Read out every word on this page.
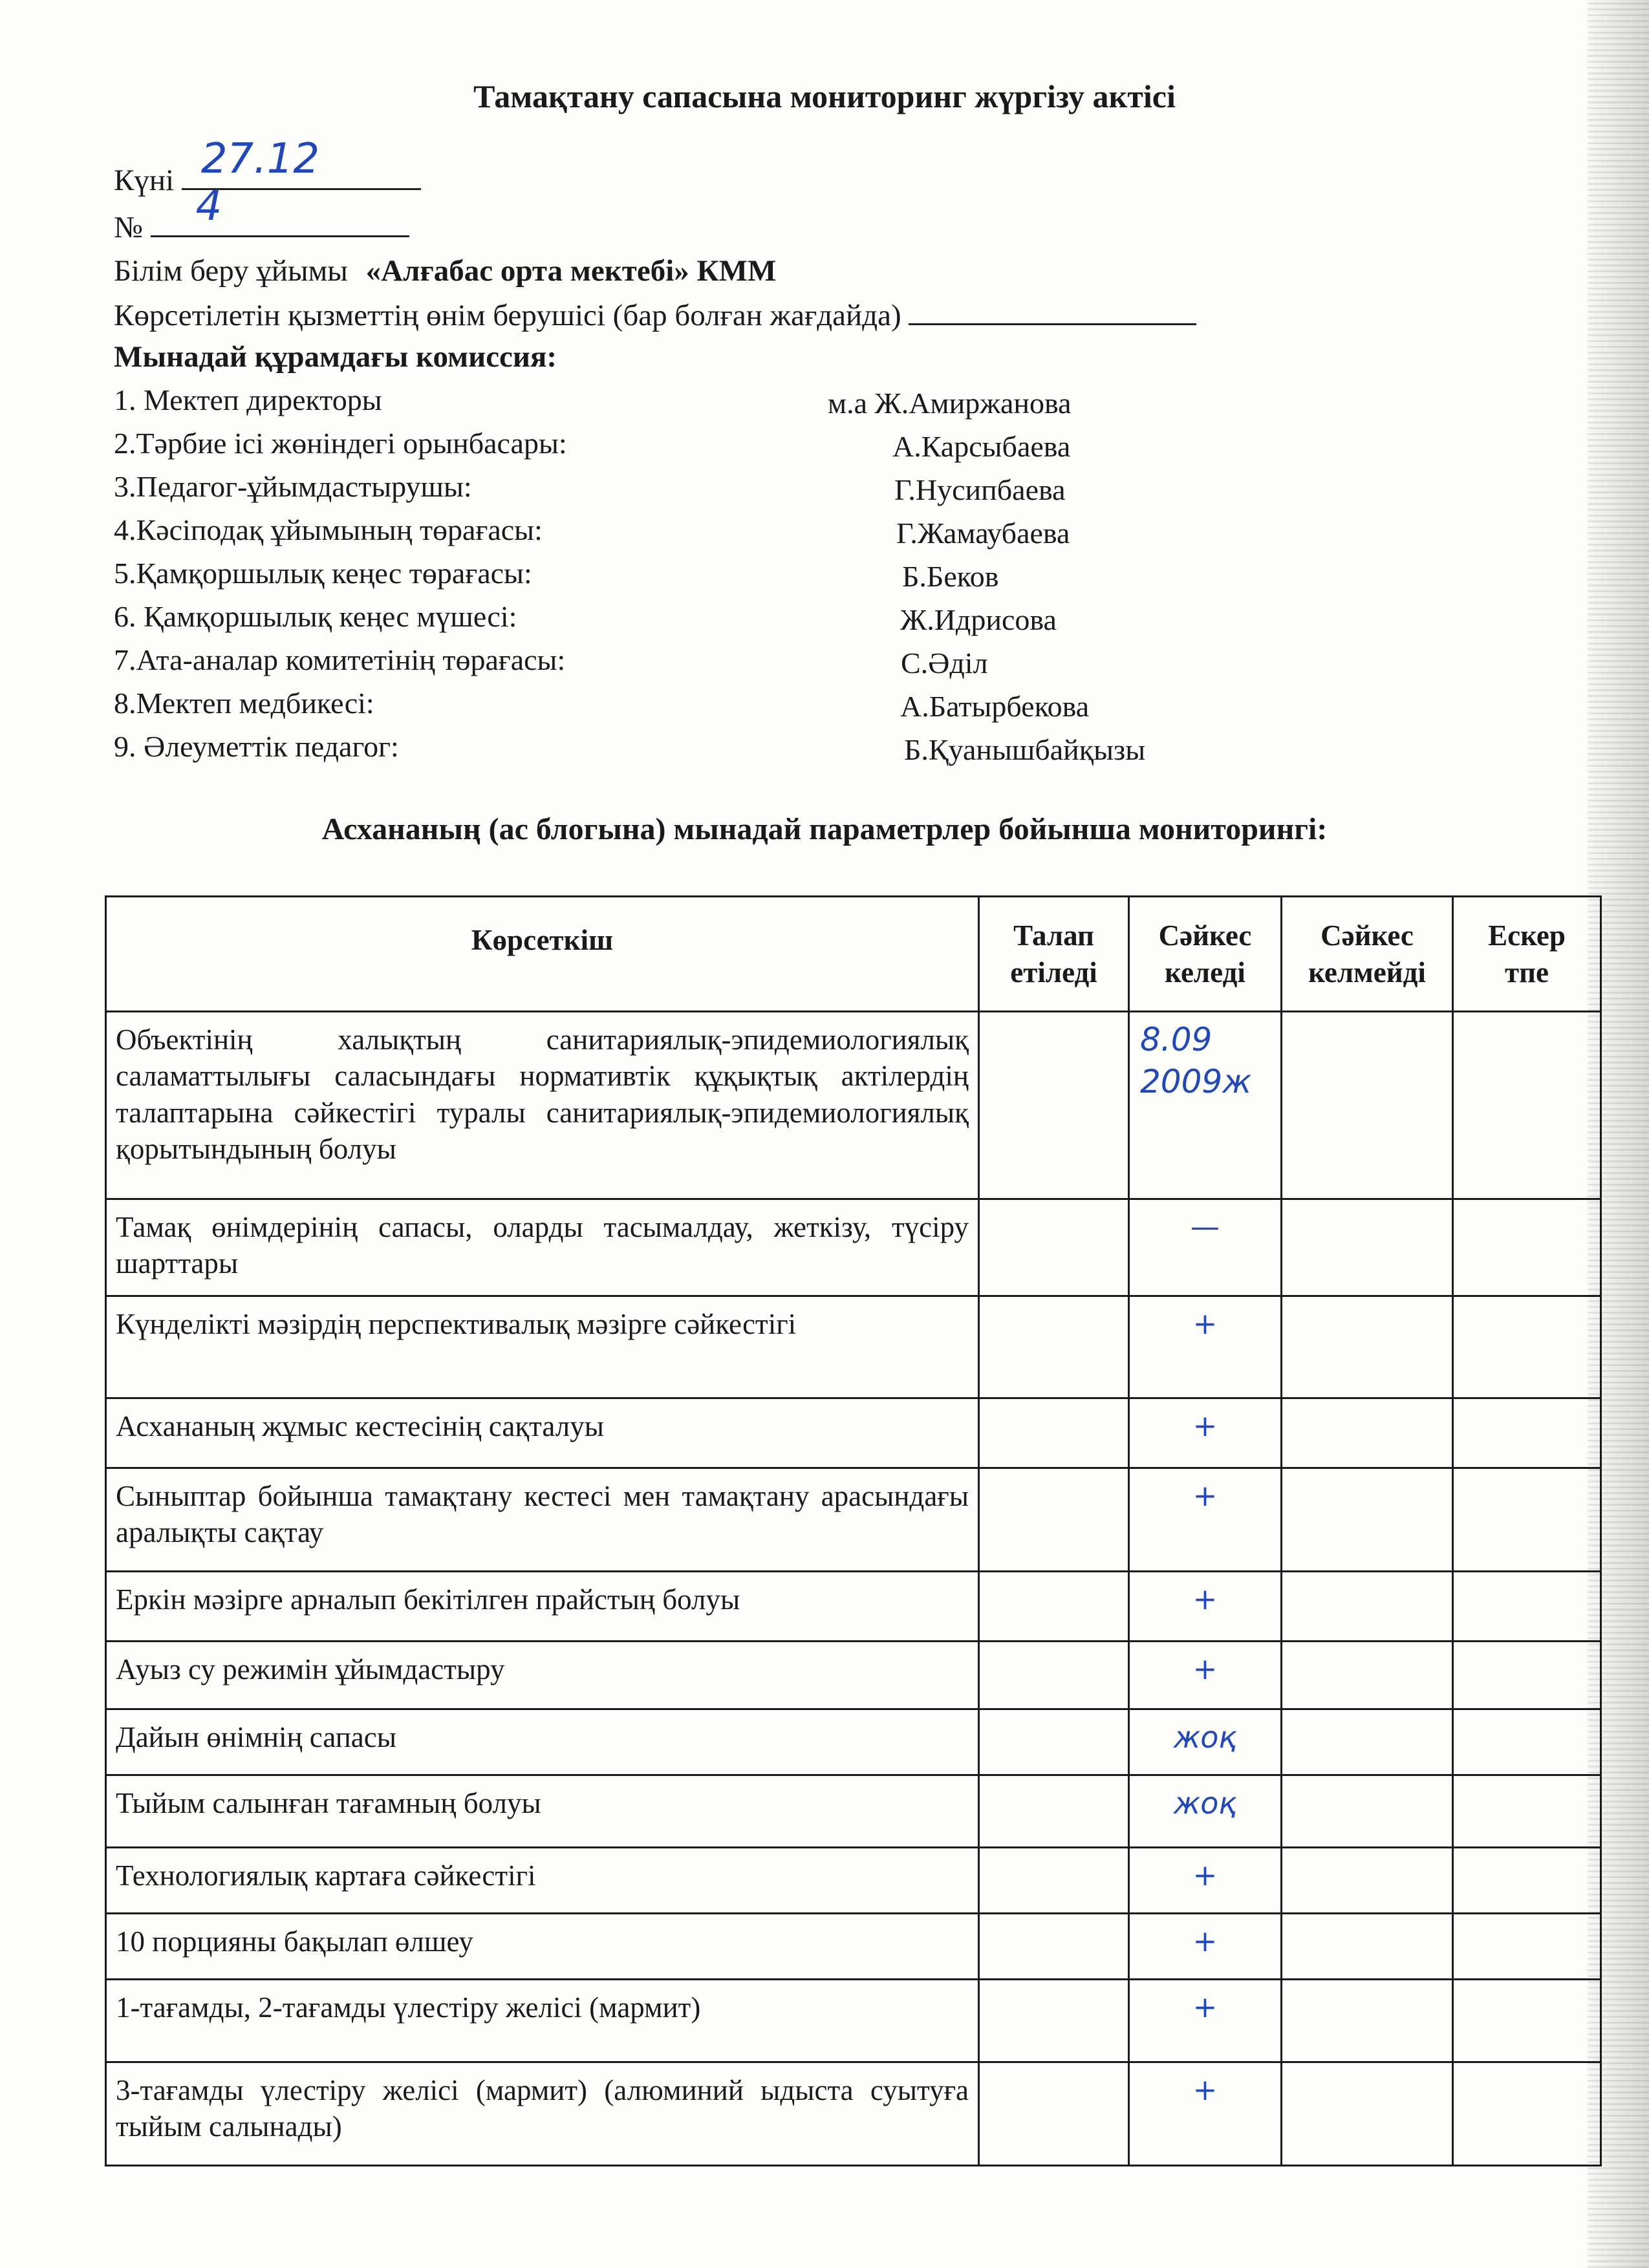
Тамақтану сапасына мониторинг жүргізу актісі
Күні 27.12
№ 4
Білім беру ұйымы «Алғабас орта мектебі» КММ
Көрсетілетін қызметтің өнім берушісі (бар болған жағдайда)
Мынадай құрамдағы комиссия:
1. Мектеп директоры	м.а Ж.Амиржанова
2.Тәрбие ісі жөніндегі орынбасары:	А.Карсыбаева
3.Педагог-ұйымдастырушы:	Г.Нусипбаева
4.Кәсіподақ ұйымының төрағасы:	Г.Жамаубаева
5.Қамқоршылық кеңес төрағасы:	Б.Беков
6. Қамқоршылық кеңес мүшесі:	Ж.Идрисова
7.Ата-аналар комитетінің төрағасы:	С.Әділ
8.Мектеп медбикесі:	А.Батырбекова
9. Әлеуметтік педагог:	Б.Қуанышбайқызы
Асхананың (ас блогына) мынадай параметрлер бойынша мониторингі:
Көрсеткіш	Талап етіледі	Сәйкес келеді	Сәйкес келмейді	Ескер тпе
Объектінің халықтың санитариялық-эпидемиологиялық саламаттылығы саласындағы нормативтік құқықтық актілердің талаптарына сәйкестігі туралы санитариялық-эпидемиологиялық қорытындының болуы		8.09 2009ж		
Тамақ өнімдерінің сапасы, оларды тасымалдау, жеткізу, түсіру шарттары		—		
Күнделікті мәзірдің перспективалық мәзірге сәйкестігі		+		
Асхананың жұмыс кестесінің сақталуы		+		
Сыныптар бойынша тамақтану кестесі мен тамақтану арасындағы аралықты сақтау		+		
Еркін мәзірге арналып бекітілген прайстың болуы		+		
Ауыз су режимін ұйымдастыру		+		
Дайын өнімнің сапасы		жоқ		
Тыйым салынған тағамның болуы		жоқ		
Технологиялық картаға сәйкестігі		+		
10 порцияны бақылап өлшеу		+		
1-тағамды, 2-тағамды үлестіру желісі (мармит)		+		
3-тағамды үлестіру желісі (мармит) (алюминий ыдыста суытуға тыйым салынады)		+		
